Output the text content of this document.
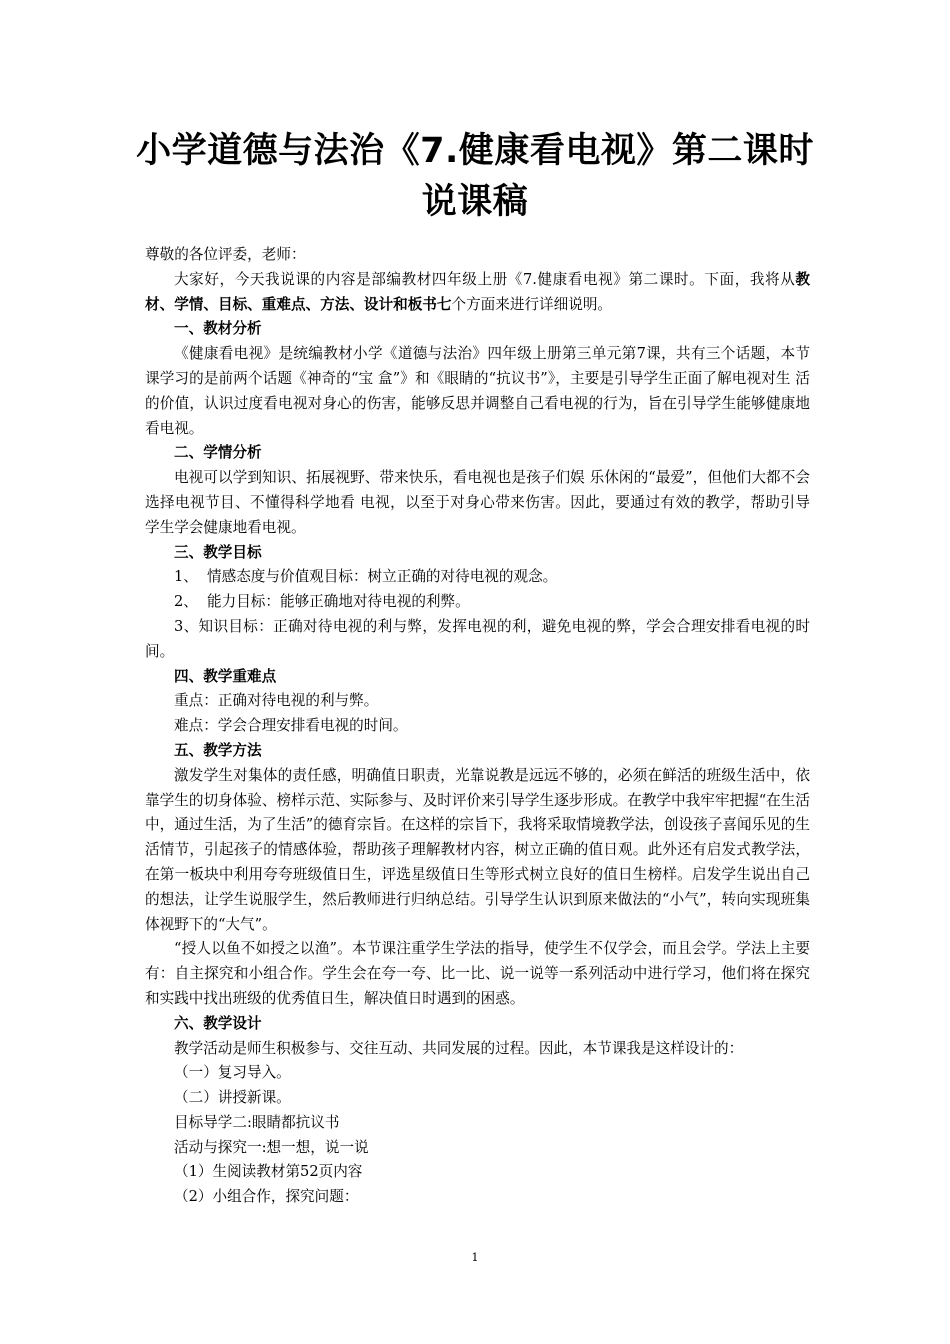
小学道德与法治《7.健康看电视》第二课时
说课稿

尊敬的各位评委，老师：

大家好，今天我说课的内容是部编教材四年级上册《7.健康看电视》第二课时。下面，我将从教材、学情、目标、重难点、方法、设计和板书七个方面来进行详细说明。

一、教材分析

《健康看电视》是统编教材小学《道德与法治》四年级上册第三单元第7课，共有三个话题，本节课学习的是前两个话题《神奇的“宝 盒”》和《眼睛的“抗议书”》，主要是引导学生正面了解电视对生 活的价值，认识过度看电视对身心的伤害，能够反思并调整自己看电视的行为，旨在引导学生能够健康地看电视。

二、学情分析

电视可以学到知识、拓展视野、带来快乐，看电视也是孩子们娱 乐休闲的“最爱”，但他们大都不会选择电视节目、不懂得科学地看 电视，以至于对身心带来伤害。因此，要通过有效的教学，帮助引导 学生学会健康地看电视。

三、教学目标

1、 情感态度与价值观目标：树立正确的对待电视的观念。

2、 能力目标：能够正确地对待电视的利弊。

3、知识目标：正确对待电视的利与弊，发挥电视的利，避免电视的弊，学会合理安排看电视的时间。

四、教学重难点

重点：正确对待电视的利与弊。

难点：学会合理安排看电视的时间。

五、教学方法

激发学生对集体的责任感，明确值日职责，光靠说教是远远不够的，必须在鲜活的班级生活中，依靠学生的切身体验、榜样示范、实际参与、及时评价来引导学生逐步形成。在教学中我牢牢把握“在生活中，通过生活，为了生活”的德育宗旨。在这样的宗旨下，我将采取情境教学法，创设孩子喜闻乐见的生活情节，引起孩子的情感体验，帮助孩子理解教材内容，树立正确的值日观。此外还有启发式教学法，在第一板块中利用夸夸班级值日生，评选星级值日生等形式树立良好的值日生榜样。启发学生说出自己的想法，让学生说服学生，然后教师进行归纳总结。引导学生认识到原来做法的“小气”，转向实现班集体视野下的“大气”。

“授人以鱼不如授之以渔”。本节课注重学生学法的指导，使学生不仅学会，而且会学。学法上主要有：自主探究和小组合作。学生会在夸一夸、比一比、说一说等一系列活动中进行学习，他们将在探究和实践中找出班级的优秀值日生，解决值日时遇到的困惑。

六、教学设计

教学活动是师生积极参与、交往互动、共同发展的过程。因此，本节课我是这样设计的：

（一）复习导入。

（二）讲授新课。

目标导学二:眼睛都抗议书

活动与探究一:想一想，说一说

（1）生阅读教材第52页内容

（2）小组合作，探究问题：

1
